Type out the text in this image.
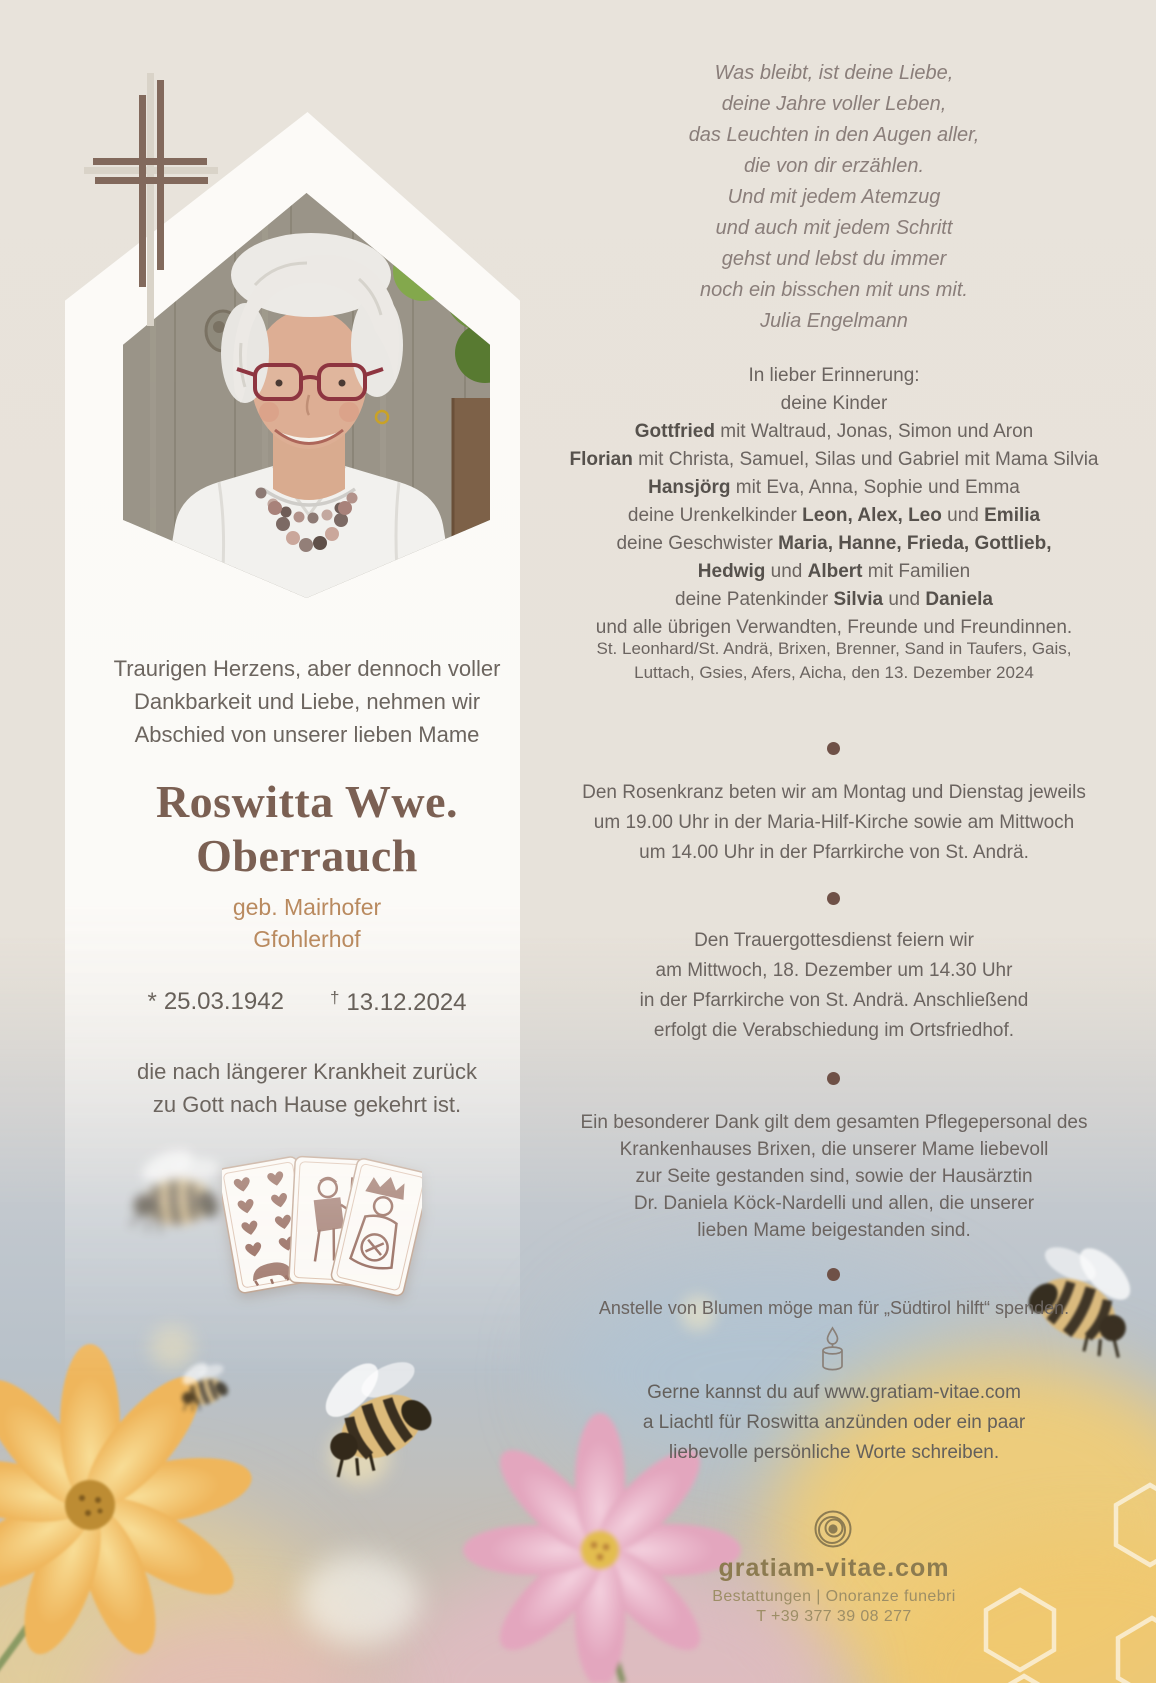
Traurigen Herzens, aber dennoch voller
Dankbarkeit und Liebe, nehmen wir
Abschied von unserer lieben Mame
Roswitta Wwe.
Oberrauch
geb. Mairhofer
Gfohlerhof
* 25.03.1942	† 13.12.2024
die nach längerer Krankheit zurück
zu Gott nach Hause gekehrt ist.
Was bleibt, ist deine Liebe,
deine Jahre voller Leben,
das Leuchten in den Augen aller,
die von dir erzählen.
Und mit jedem Atemzug
und auch mit jedem Schritt
gehst und lebst du immer
noch ein bisschen mit uns mit.
Julia Engelmann
In lieber Erinnerung:
deine Kinder
Gottfried mit Waltraud, Jonas, Simon und Aron
Florian mit Christa, Samuel, Silas und Gabriel mit Mama Silvia
Hansjörg mit Eva, Anna, Sophie und Emma
deine Urenkelkinder Leon, Alex, Leo und Emilia
deine Geschwister Maria, Hanne, Frieda, Gottlieb,
Hedwig und Albert mit Familien
deine Patenkinder Silvia und Daniela
und alle übrigen Verwandten, Freunde und Freundinnen.
St. Leonhard/St. Andrä, Brixen, Brenner, Sand in Taufers, Gais,
Luttach, Gsies, Afers, Aicha, den 13. Dezember 2024
Den Rosenkranz beten wir am Montag und Dienstag jeweils
um 19.00 Uhr in der Maria-Hilf-Kirche sowie am Mittwoch
um 14.00 Uhr in der Pfarrkirche von St. Andrä.
Den Trauergottesdienst feiern wir
am Mittwoch, 18. Dezember um 14.30 Uhr
in der Pfarrkirche von St. Andrä. Anschließend
erfolgt die Verabschiedung im Ortsfriedhof.
Ein besonderer Dank gilt dem gesamten Pflegepersonal des
Krankenhauses Brixen, die unserer Mame liebevoll
zur Seite gestanden sind, sowie der Hausärztin
Dr. Daniela Köck-Nardelli und allen, die unserer
lieben Mame beigestanden sind.
Anstelle von Blumen möge man für „Südtirol hilft“ spenden.
Gerne kannst du auf www.gratiam-vitae.com
a Liachtl für Roswitta anzünden oder ein paar
liebevolle persönliche Worte schreiben.
gratiam-vitae.com
Bestattungen | Onoranze funebri
T +39 377 39 08 277
